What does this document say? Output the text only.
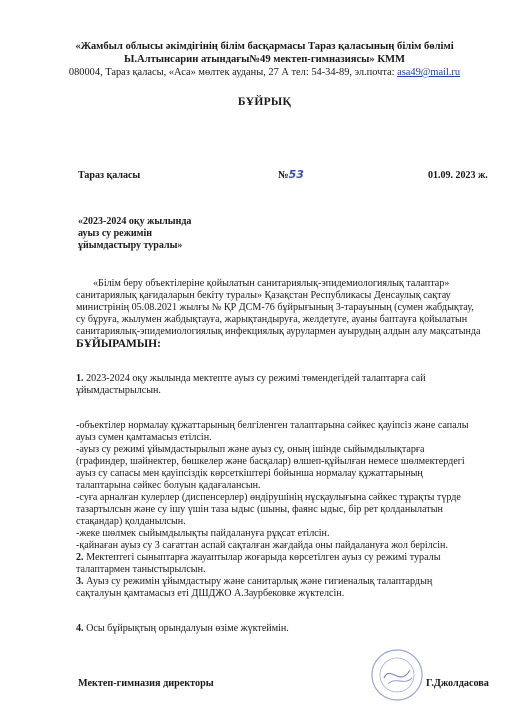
«Жамбыл облысы әкімдігінің білім басқармасы Тараз қаласының білім бөлімі
Ы.Алтынсарин атындағы№49 мектеп-гимназиясы» КММ
080004, Тараз қаласы, «Аса» мөлтек ауданы, 27 А тел: 54-34-89, эл.почта: asa49@mail.ru
БҰЙРЫҚ
Тараз қаласы	№53	01.09. 2023 ж.
«2023-2024 оқу жылында
ауыз су режимін
ұйымдастыру туралы»
«Білім беру объектілеріне қойылатын санитариялық-эпидемиологиялық талаптар»
санитариялық қағидаларын бекіту туралы» Қазақстан Республикасы Денсаулық сақтау
министрінің 05.08.2021 жылғы № ҚР ДСМ-76 бұйрығының 3-тарауының (сумен жабдықтау,
су бұруға, жылумен жабдықтауға, жарықтандыруға, желдетуге, ауаны баптауға қойылатын
санитариялық-эпидемиологиялық инфекциялық аурулармен ауырудың алдын алу мақсатында
БҰЙЫРАМЫН:
1. 2023-2024 оқу жылында мектепте ауыз су режимі төмендегідей талаптарға сай
ұйымдастырылсын.
-объектілер нормалау құжаттарының белгіленген талаптарына сәйкес қауіпсіз және сапалы
ауыз сумен қамтамасыз етілсін.
-ауыз су режимі ұйымдастырылып және ауыз су, оның ішінде сыйымдылықтарға
(графиндер, шәйнектер, бөшкелер және басқалар) өлшеп-құйылған немесе шөлмектердегі
ауыз су сапасы мен қауіпсіздік көрсеткіштері бойынша нормалау құжаттарының
талаптарына сәйкес болуын қадағалансын.
-суға арналған кулерлер (диспенсерлер) өндірушінің нұсқаулығына сәйкес тұрақты түрде
тазартылсын және су ішу үшін таза ыдыс (шыны, фаянс ыдыс, бір рет қолданылатын
стақандар) қолданылсын.
-жеке шөлмек сыйымдылықты пайдалануға рұқсат етілсін.
-қайнаған ауыз су 3 сағаттан аспай сақталған жағдайда оны пайдалануға жол берілсін.
2. Мектептегі сыныптарға жауаптылар жоғарыда көрсетілген ауыз су режимі туралы
талаптармен таныстырылсын.
3. Ауыз су режимін ұйымдастыру және санитарлық және гигиеналық талаптардың
сақталуын қамтамасыз еті ДШДЖО А.Заурбековке жүктелсін.
4. Осы бұйрықтың орындалуын өзіме жүктеймін.
Мектеп-гимназия директоры	Г.Джолдасова
